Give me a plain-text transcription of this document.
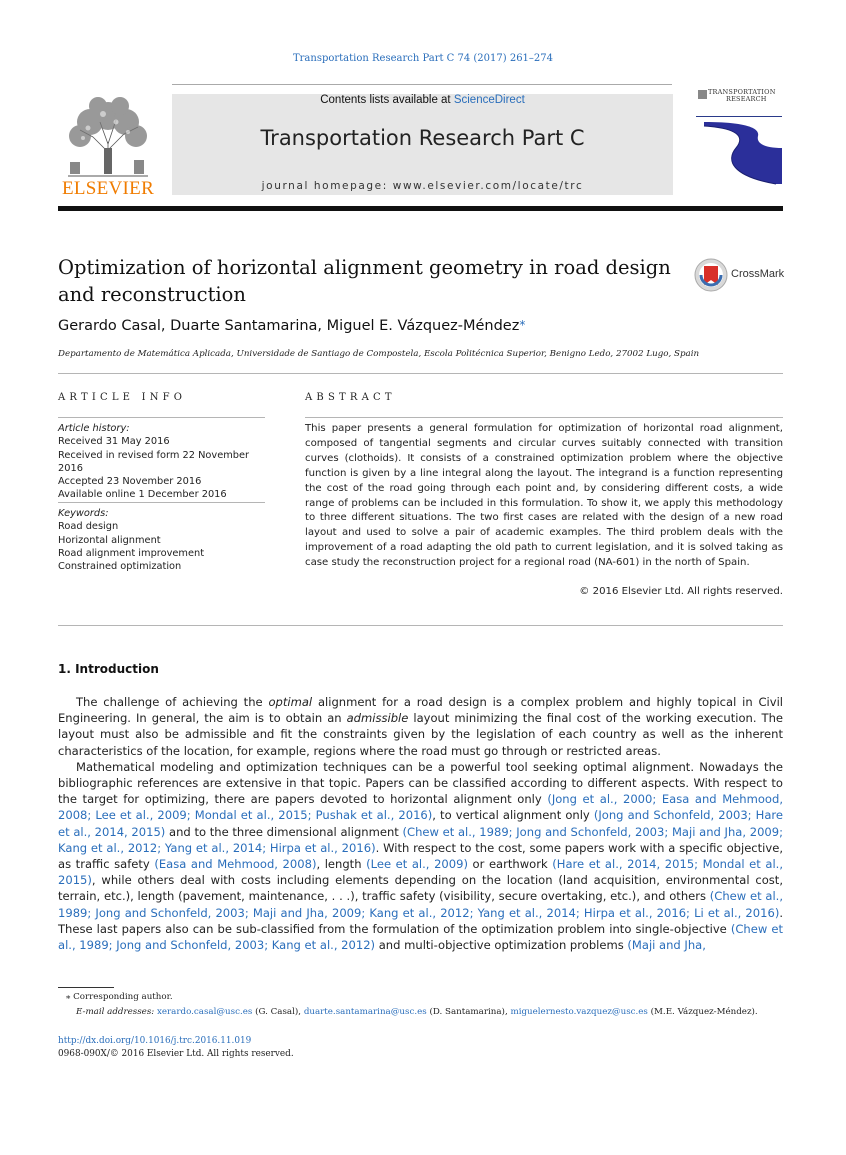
Transportation Research Part C 74 (2017) 261–274
ELSEVIER
Contents lists available at ScienceDirect
Transportation Research Part C
journal homepage: www.elsevier.com/locate/trc
TRANSPORTATION
RESEARCH
Optimization of horizontal alignment geometry in road design and reconstruction
CrossMark
Gerardo Casal, Duarte Santamarina, Miguel E. Vázquez-Méndez*
Departamento de Matemática Aplicada, Universidade de Santiago de Compostela, Escola Politécnica Superior, Benigno Ledo, 27002 Lugo, Spain
ARTICLE INFO
Article history:
Received 31 May 2016
Received in revised form 22 November 2016
Accepted 23 November 2016
Available online 1 December 2016
Keywords:
Road design
Horizontal alignment
Road alignment improvement
Constrained optimization
ABSTRACT
This paper presents a general formulation for optimization of horizontal road alignment, composed of tangential segments and circular curves suitably connected with transition curves (clothoids). It consists of a constrained optimization problem where the objective function is given by a line integral along the layout. The integrand is a function representing the cost of the road going through each point and, by considering different costs, a wide range of problems can be included in this formulation. To show it, we apply this methodology to three different situations. The two first cases are related with the design of a new road layout and used to solve a pair of academic examples. The third problem deals with the improvement of a road adapting the old path to current legislation, and it is solved taking as case study the reconstruction project for a regional road (NA-601) in the north of Spain.
© 2016 Elsevier Ltd. All rights reserved.
1. Introduction

The challenge of achieving the optimal alignment for a road design is a complex problem and highly topical in Civil Engineering. In general, the aim is to obtain an admissible layout minimizing the final cost of the working execution. The layout must also be admissible and fit the constraints given by the legislation of each country as well as the inherent characteristics of the location, for example, regions where the road must go through or restricted areas.

Mathematical modeling and optimization techniques can be a powerful tool seeking optimal alignment. Nowadays the bibliographic references are extensive in that topic. Papers can be classified according to different aspects. With respect to the target for optimizing, there are papers devoted to horizontal alignment only (Jong et al., 2000; Easa and Mehmood, 2008; Lee et al., 2009; Mondal et al., 2015; Pushak et al., 2016), to vertical alignment only (Jong and Schonfeld, 2003; Hare et al., 2014, 2015) and to the three dimensional alignment (Chew et al., 1989; Jong and Schonfeld, 2003; Maji and Jha, 2009; Kang et al., 2012; Yang et al., 2014; Hirpa et al., 2016). With respect to the cost, some papers work with a specific objective, as traffic safety (Easa and Mehmood, 2008), length (Lee et al., 2009) or earthwork (Hare et al., 2014, 2015; Mondal et al., 2015), while others deal with costs including elements depending on the location (land acquisition, environmental cost, terrain, etc.), length (pavement, maintenance, . . .), traffic safety (visibility, secure overtaking, etc.), and others (Chew et al., 1989; Jong and Schonfeld, 2003; Maji and Jha, 2009; Kang et al., 2012; Yang et al., 2014; Hirpa et al., 2016; Li et al., 2016). These last papers also can be sub-classified from the formulation of the optimization problem into single-objective (Chew et al., 1989; Jong and Schonfeld, 2003; Kang et al., 2012) and multi-objective optimization problems (Maji and Jha,

⁎ Corresponding author.
E-mail addresses: xerardo.casal@usc.es (G. Casal), duarte.santamarina@usc.es (D. Santamarina), miguelernesto.vazquez@usc.es (M.E. Vázquez-Méndez).
http://dx.doi.org/10.1016/j.trc.2016.11.019
0968-090X/© 2016 Elsevier Ltd. All rights reserved.
